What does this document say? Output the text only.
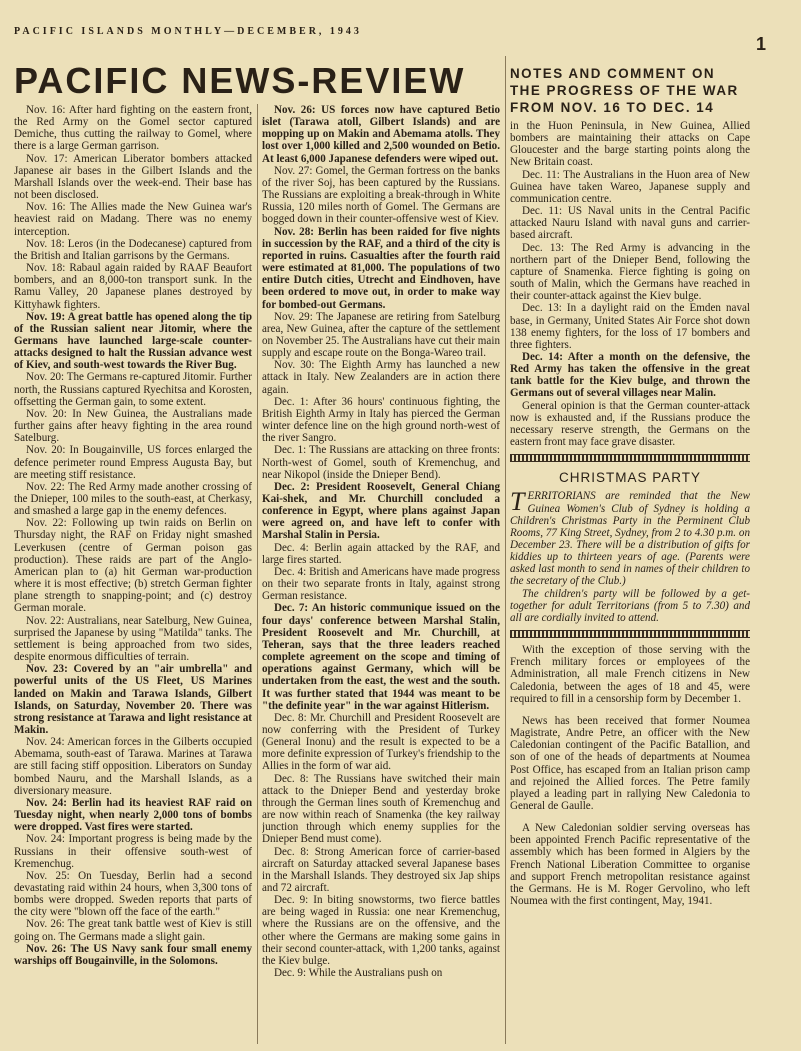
PACIFIC ISLANDS MONTHLY—DECEMBER, 1943
1
PACIFIC NEWS-REVIEW

Nov. 16: After hard fighting on the eastern front, the Red Army on the Gomel sector captured Demiche, thus cutting the railway to Gomel, where there is a large German garrison.

Nov. 17: American Liberator bombers attacked Japanese air bases in the Gilbert Islands and the Marshall Islands over the week-end. Their base has not been disclosed.

Nov. 16: The Allies made the New Guinea war's heaviest raid on Madang. There was no enemy interception.

Nov. 18: Leros (in the Dodecanese) captured from the British and Italian garrisons by the Germans.

Nov. 18: Rabaul again raided by RAAF Beaufort bombers, and an 8,000-ton transport sunk. In the Ramu Valley, 20 Japanese planes destroyed by Kittyhawk fighters.

Nov. 19: A great battle has opened along the tip of the Russian salient near Jitomir, where the Germans have launched large-scale counter-attacks designed to halt the Russian advance west of Kiev, and south-west towards the River Bug.

Nov. 20: The Germans re-captured Jitomir. Further north, the Russians captured Ryechitsa and Korosten, offsetting the German gain, to some extent.

Nov. 20: In New Guinea, the Australians made further gains after heavy fighting in the area round Satelburg.

Nov. 20: In Bougainville, US forces enlarged the defence perimeter round Empress Augusta Bay, but are meeting stiff resistance.

Nov. 22: The Red Army made another crossing of the Dnieper, 100 miles to the south-east, at Cherkasy, and smashed a large gap in the enemy defences.

Nov. 22: Following up twin raids on Berlin on Thursday night, the RAF on Friday night smashed Leverkusen (centre of German poison gas production). These raids are part of the Anglo-American plan to (a) hit German war-production where it is most effective; (b) stretch German fighter plane strength to snapping-point; and (c) destroy German morale.

Nov. 22: Australians, near Satelburg, New Guinea, surprised the Japanese by using "Matilda" tanks. The settlement is being approached from two sides, despite enormous difficulties of terrain.

Nov. 23: Covered by an "air umbrella" and powerful units of the US Fleet, US Marines landed on Makin and Tarawa Islands, Gilbert Islands, on Saturday, November 20. There was strong resistance at Tarawa and light resistance at Makin.

Nov. 24: American forces in the Gilberts occupied Abemama, south-east of Tarawa. Marines at Tarawa are still facing stiff opposition. Liberators on Sunday bombed Nauru, and the Marshall Islands, as a diversionary measure.

Nov. 24: Berlin had its heaviest RAF raid on Tuesday night, when nearly 2,000 tons of bombs were dropped. Vast fires were started.

Nov. 24: Important progress is being made by the Russians in their offensive south-west of Kremenchug.

Nov. 25: On Tuesday, Berlin had a second devastating raid within 24 hours, when 3,300 tons of bombs were dropped. Sweden reports that parts of the city were "blown off the face of the earth."

Nov. 26: The great tank battle west of Kiev is still going on. The Germans made a slight gain.

Nov. 26: The US Navy sank four small enemy warships off Bougainville, in the Solomons.

Nov. 26: US forces now have captured Betio islet (Tarawa atoll, Gilbert Islands) and are mopping up on Makin and Abemama atolls. They lost over 1,000 killed and 2,500 wounded on Betio. At least 6,000 Japanese defenders were wiped out.

Nov. 27: Gomel, the German fortress on the banks of the river Soj, has been captured by the Russians. The Russians are exploiting a break-through in White Russia, 120 miles north of Gomel. The Germans are bogged down in their counter-offensive west of Kiev.

Nov. 28: Berlin has been raided for five nights in succession by the RAF, and a third of the city is reported in ruins. Casualties after the fourth raid were estimated at 81,000. The populations of two entire Dutch cities, Utrecht and Eindhoven, have been ordered to move out, in order to make way for bombed-out Germans.

Nov. 29: The Japanese are retiring from Satelburg area, New Guinea, after the capture of the settlement on November 25. The Australians have cut their main supply and escape route on the Bonga-Wareo trail.

Nov. 30: The Eighth Army has launched a new attack in Italy. New Zealanders are in action there again.

Dec. 1: After 36 hours' continuous fighting, the British Eighth Army in Italy has pierced the German winter defence line on the high ground north-west of the river Sangro.

Dec. 1: The Russians are attacking on three fronts: North-west of Gomel, south of Kremenchug, and near Nikopol (inside the Dnieper Bend).

Dec. 2: President Roosevelt, General Chiang Kai-shek, and Mr. Churchill concluded a conference in Egypt, where plans against Japan were agreed on, and have left to confer with Marshal Stalin in Persia.

Dec. 4: Berlin again attacked by the RAF, and large fires started.

Dec. 4: British and Americans have made progress on their two separate fronts in Italy, against strong German resistance.

Dec. 7: An historic communique issued on the four days' conference between Marshal Stalin, President Roosevelt and Mr. Churchill, at Teheran, says that the three leaders reached complete agreement on the scope and timing of operations against Germany, which will be undertaken from the east, the west and the south. It was further stated that 1944 was meant to be "the definite year" in the war against Hitlerism.

Dec. 8: Mr. Churchill and President Roosevelt are now conferring with the President of Turkey (General Inonu) and the result is expected to be a more definite expression of Turkey's friendship to the Allies in the form of war aid.

Dec. 8: The Russians have switched their main attack to the Dnieper Bend and yesterday broke through the German lines south of Kremenchug and are now within reach of Snamenka (the key railway junction through which enemy supplies for the Dnieper Bend must come).

Dec. 8: Strong American force of carrier-based aircraft on Saturday attacked several Japanese bases in the Marshall Islands. They destroyed six Jap ships and 72 aircraft.

Dec. 9: In biting snowstorms, two fierce battles are being waged in Russia: one near Kremenchug, where the Russians are on the offensive, and the other where the Germans are making some gains in their second counter-attack, with 1,200 tanks, against the Kiev bulge.

Dec. 9: While the Australians push on

NOTES AND COMMENT ON THE PROGRESS OF THE WAR FROM NOV. 16 TO DEC. 14

in the Huon Peninsula, in New Guinea, Allied bombers are maintaining their attacks on Cape Gloucester and the barge starting points along the New Britain coast.

Dec. 11: The Australians in the Huon area of New Guinea have taken Wareo, Japanese supply and communication centre.

Dec. 11: US Naval units in the Central Pacific attacked Nauru Island with naval guns and carrier-based aircraft.

Dec. 13: The Red Army is advancing in the northern part of the Dnieper Bend, following the capture of Snamenka. Fierce fighting is going on south of Malin, which the Germans have reached in their counter-attack against the Kiev bulge.

Dec. 13: In a daylight raid on the Emden naval base, in Germany, United States Air Force shot down 138 enemy fighters, for the loss of 17 bombers and three fighters.

Dec. 14: After a month on the defensive, the Red Army has taken the offensive in the great tank battle for the Kiev bulge, and thrown the Germans out of several villages near Malin.

General opinion is that the German counter-attack now is exhausted and, if the Russians produce the necessary reserve strength, the Germans on the eastern front may face grave disaster.

CHRISTMAS PARTY

TERRITORIANS are reminded that the New Guinea Women's Club of Sydney is holding a Children's Christmas Party in the Perminent Club Rooms, 77 King Street, Sydney, from 2 to 4.30 p.m. on December 23. There will be a distribution of gifts for kiddies up to thirteen years of age. (Parents were asked last month to send in names of their children to the secretary of the Club.)

The children's party will be followed by a get-together for adult Territorians (from 5 to 7.30) and all are cordially invited to attend.

With the exception of those serving with the French military forces or employees of the Administration, all male French citizens in New Caledonia, between the ages of 18 and 45, were required to fill in a censorship form by December 1.

News has been received that former Noumea Magistrate, Andre Petre, an officer with the New Caledonian contingent of the Pacific Batallion, and son of one of the heads of departments at Noumea Post Office, has escaped from an Italian prison camp and rejoined the Allied forces. The Petre family played a leading part in rallying New Caledonia to General de Gaulle.

A New Caledonian soldier serving overseas has been appointed French Pacific representative of the assembly which has been formed in Algiers by the French National Liberation Committee to organise and support French metropolitan resistance against the Germans. He is M. Roger Gervolino, who left Noumea with the first contingent, May, 1941.
